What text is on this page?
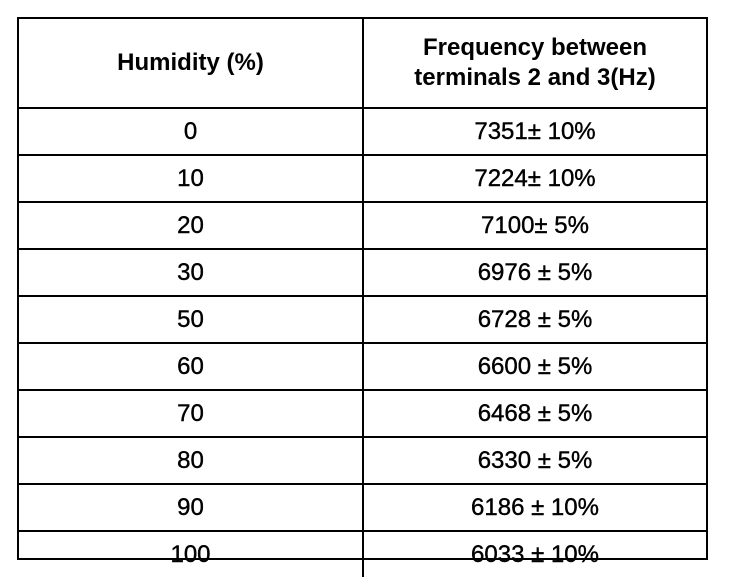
Humidity (%)	Frequency between
terminals 2 and 3(Hz)

0	7351± 10%
10	7224± 10%
20	7100± 5%
30	6976 ± 5%
50	6728 ± 5%
60	6600 ± 5%
70	6468 ± 5%
80	6330 ± 5%
90	6186 ± 10%
100	6033 ± 10%
